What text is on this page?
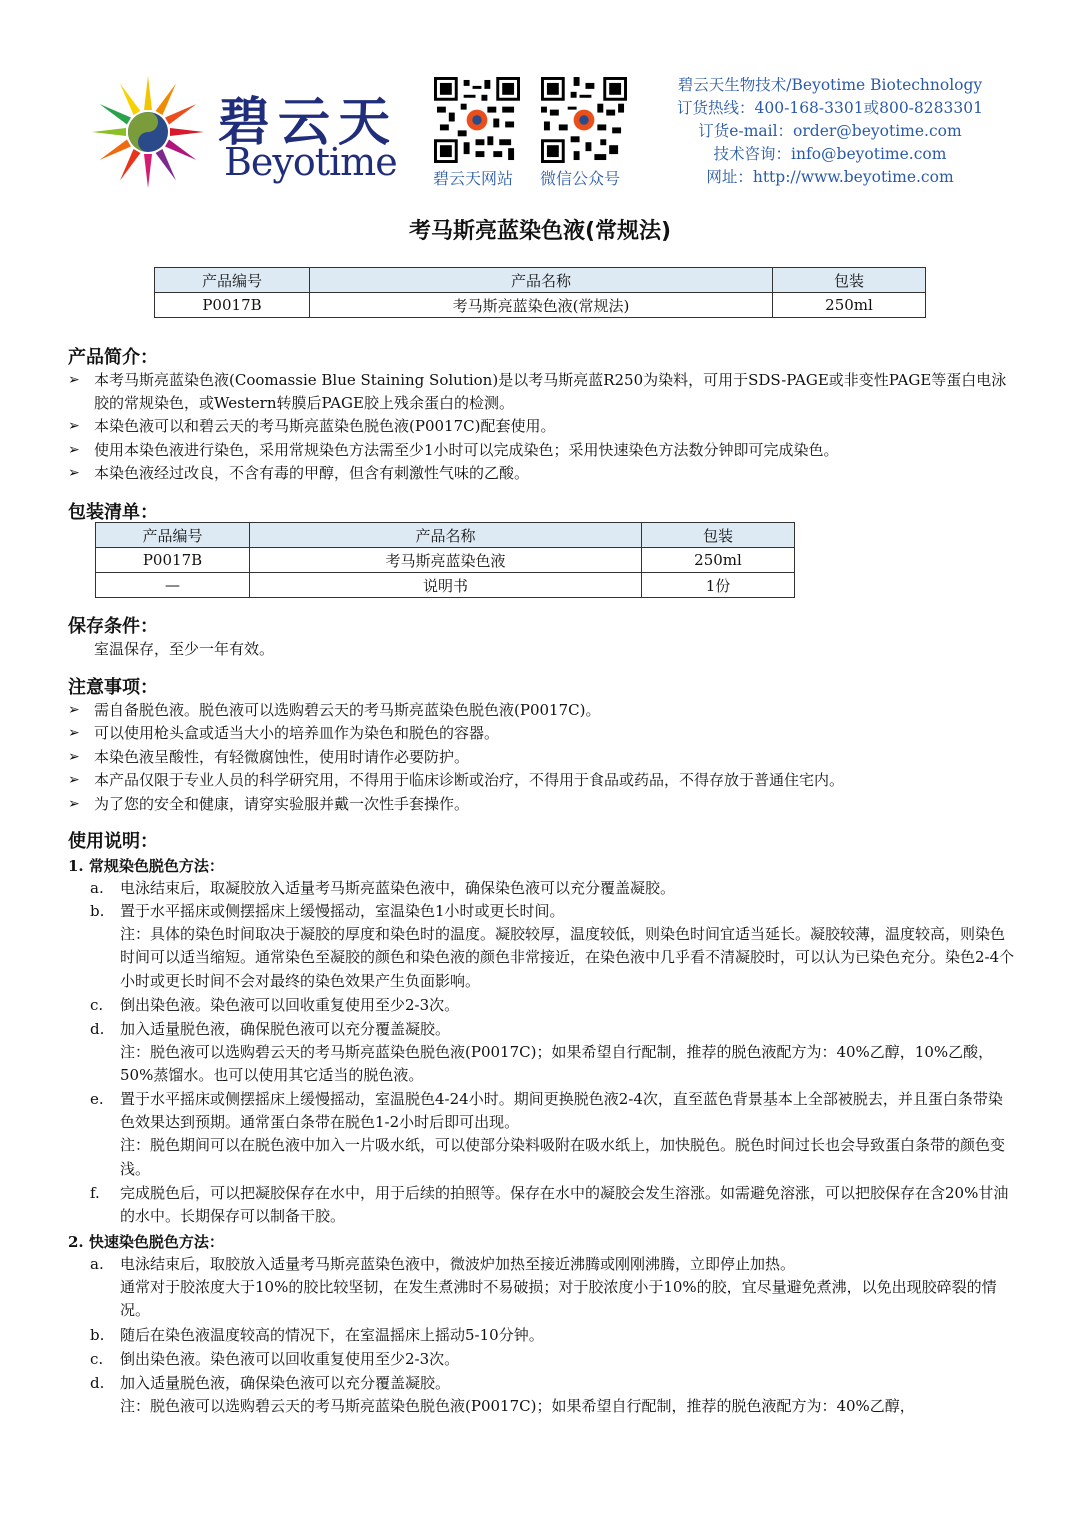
碧云天
Beyotime 碧云天网站 微信公众号
碧云天生物技术/Beyotime Biotechnology
订货热线：400-168-3301或800-8283301
订货e-mail：order@beyotime.com
技术咨询：info@beyotime.com
网址：http://www.beyotime.com
考马斯亮蓝染色液(常规法)
产品编号	产品名称	包装
P0017B	考马斯亮蓝染色液(常规法)	250ml
产品简介：
➢ 本考马斯亮蓝染色液(Coomassie Blue Staining Solution)是以考马斯亮蓝R250为染料，可用于SDS-PAGE或非变性PAGE等蛋白电泳胶的常规染色，或Western转膜后PAGE胶上残余蛋白的检测。
➢ 本染色液可以和碧云天的考马斯亮蓝染色脱色液(P0017C)配套使用。
➢ 使用本染色液进行染色，采用常规染色方法需至少1小时可以完成染色；采用快速染色方法数分钟即可完成染色。
➢ 本染色液经过改良，不含有毒的甲醇，但含有刺激性气味的乙酸。
包装清单：
产品编号	产品名称	包装
P0017B	考马斯亮蓝染色液	250ml
—	说明书	1份
保存条件：
室温保存，至少一年有效。
注意事项：
➢ 需自备脱色液。脱色液可以选购碧云天的考马斯亮蓝染色脱色液(P0017C)。
➢ 可以使用枪头盒或适当大小的培养皿作为染色和脱色的容器。
➢ 本染色液呈酸性，有轻微腐蚀性，使用时请作必要防护。
➢ 本产品仅限于专业人员的科学研究用，不得用于临床诊断或治疗，不得用于食品或药品，不得存放于普通住宅内。
➢ 为了您的安全和健康，请穿实验服并戴一次性手套操作。
使用说明：
1. 常规染色脱色方法：
a. 电泳结束后，取凝胶放入适量考马斯亮蓝染色液中，确保染色液可以充分覆盖凝胶。
b. 置于水平摇床或侧摆摇床上缓慢摇动，室温染色1小时或更长时间。
注：具体的染色时间取决于凝胶的厚度和染色时的温度。凝胶较厚，温度较低，则染色时间宜适当延长。凝胶较薄，温度较高，则染色时间可以适当缩短。通常染色至凝胶的颜色和染色液的颜色非常接近，在染色液中几乎看不清凝胶时，可以认为已染色充分。染色2-4个小时或更长时间不会对最终的染色效果产生负面影响。
c. 倒出染色液。染色液可以回收重复使用至少2-3次。
d. 加入适量脱色液，确保脱色液可以充分覆盖凝胶。
注：脱色液可以选购碧云天的考马斯亮蓝染色脱色液(P0017C)；如果希望自行配制，推荐的脱色液配方为：40%乙醇，10%乙酸，50%蒸馏水。也可以使用其它适当的脱色液。
e. 置于水平摇床或侧摆摇床上缓慢摇动，室温脱色4-24小时。期间更换脱色液2-4次，直至蓝色背景基本上全部被脱去，并且蛋白条带染色效果达到预期。通常蛋白条带在脱色1-2小时后即可出现。
注：脱色期间可以在脱色液中加入一片吸水纸，可以使部分染料吸附在吸水纸上，加快脱色。脱色时间过长也会导致蛋白条带的颜色变浅。
f. 完成脱色后，可以把凝胶保存在水中，用于后续的拍照等。保存在水中的凝胶会发生溶涨。如需避免溶涨，可以把胶保存在含20%甘油的水中。长期保存可以制备干胶。
2. 快速染色脱色方法：
a. 电泳结束后，取胶放入适量考马斯亮蓝染色液中，微波炉加热至接近沸腾或刚刚沸腾，立即停止加热。
通常对于胶浓度大于10%的胶比较坚韧，在发生煮沸时不易破损；对于胶浓度小于10%的胶，宜尽量避免煮沸，以免出现胶碎裂的情况。
b. 随后在染色液温度较高的情况下，在室温摇床上摇动5-10分钟。
c. 倒出染色液。染色液可以回收重复使用至少2-3次。
d. 加入适量脱色液，确保染色液可以充分覆盖凝胶。
注：脱色液可以选购碧云天的考马斯亮蓝染色脱色液(P0017C)；如果希望自行配制，推荐的脱色液配方为：40%乙醇，
